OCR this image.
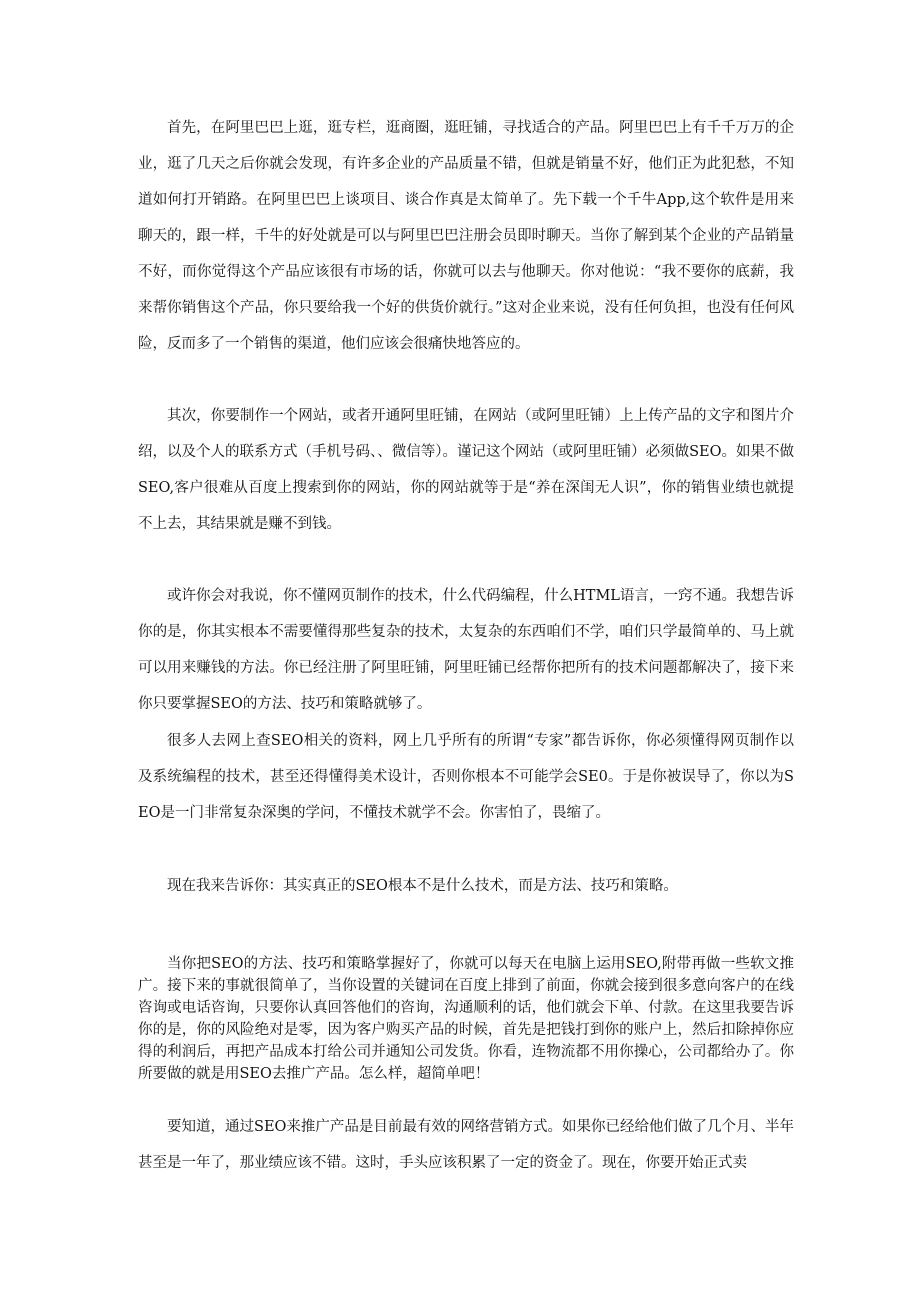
首先，在阿里巴巴上逛，逛专栏，逛商圈，逛旺铺，寻找适合的产品。阿里巴巴上有千千万万的企业，逛了几天之后你就会发现，有许多企业的产品质量不错，但就是销量不好，他们正为此犯愁，不知道如何打开销路。在阿里巴巴上谈项目、谈合作真是太简单了。先下载一个千牛App,这个软件是用来聊天的，跟一样，千牛的好处就是可以与阿里巴巴注册会员即时聊天。当你了解到某个企业的产品销量不好，而你觉得这个产品应该很有市场的话，你就可以去与他聊天。你对他说：“我不要你的底薪，我来帮你销售这个产品，你只要给我一个好的供货价就行。”这对企业来说，没有任何负担，也没有任何风险，反而多了一个销售的渠道，他们应该会很痛快地答应的。

其次，你要制作一个网站，或者开通阿里旺铺，在网站（或阿里旺铺）上上传产品的文字和图片介绍，以及个人的联系方式（手机号码、、微信等）。谨记这个网站（或阿里旺铺）必须做SEO。如果不做SEO,客户很难从百度上搜索到你的网站，你的网站就等于是“养在深闺无人识”，你的销售业绩也就提不上去，其结果就是赚不到钱。

或许你会对我说，你不懂网页制作的技术，什么代码编程，什么HTML语言，一窍不通。我想告诉你的是，你其实根本不需要懂得那些复杂的技术，太复杂的东西咱们不学，咱们只学最简单的、马上就可以用来赚钱的方法。你已经注册了阿里旺铺，阿里旺铺已经帮你把所有的技术问题都解决了，接下来你只要掌握SEO的方法、技巧和策略就够了。

很多人去网上查SEO相关的资料，网上几乎所有的所谓“专家”都告诉你，你必须懂得网页制作以及系统编程的技术，甚至还得懂得美术设计，否则你根本不可能学会SE0。于是你被误导了，你以为SEO是一门非常复杂深奥的学问，不懂技术就学不会。你害怕了，畏缩了。

现在我来告诉你：其实真正的SEO根本不是什么技术，而是方法、技巧和策略。

当你把SEO的方法、技巧和策略掌握好了，你就可以每天在电脑上运用SEO,附带再做一些软文推广。接下来的事就很简单了，当你设置的关键词在百度上排到了前面，你就会接到很多意向客户的在线咨询或电话咨询，只要你认真回答他们的咨询，沟通顺利的话，他们就会下单、付款。在这里我要告诉你的是，你的风险绝对是零，因为客户购买产品的时候，首先是把钱打到你的账户上，然后扣除掉你应得的利润后，再把产品成本打给公司并通知公司发货。你看，连物流都不用你操心，公司都给办了。你所要做的就是用SEO去推广产品。怎么样，超简单吧！

要知道，通过SEO来推广产品是目前最有效的网络营销方式。如果你已经给他们做了几个月、半年甚至是一年了，那业绩应该不错。这时，手头应该积累了一定的资金了。现在，你要开始正式卖
